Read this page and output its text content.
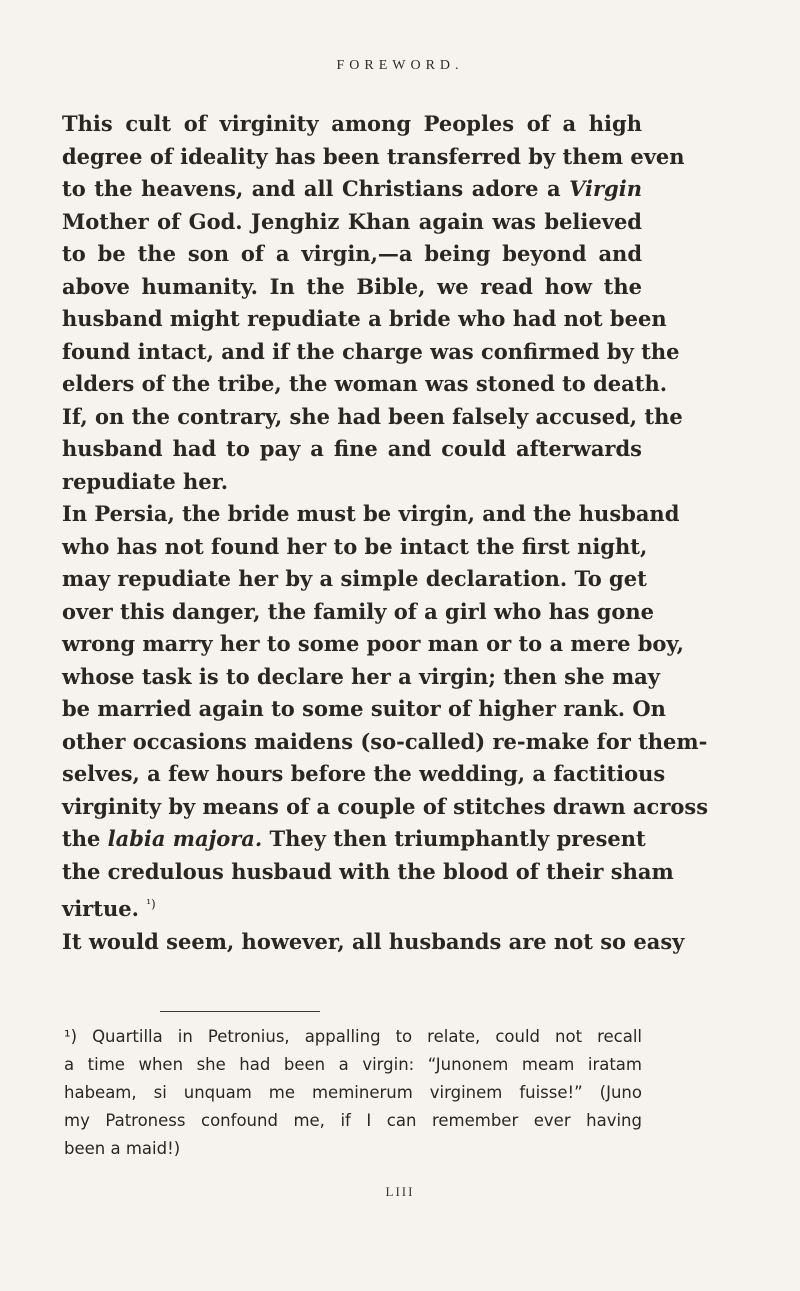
FOREWORD.
This cult of virginity among Peoples of a high
degree of ideality has been transferred by them even
to the heavens, and all Christians adore a Virgin
Mother of God. Jenghiz Khan again was believed
to be the son of a virgin,—a being beyond and
above humanity. In the Bible, we read how the
husband might repudiate a bride who had not been
found intact, and if the charge was confirmed by the
elders of the tribe, the woman was stoned to death.
If, on the contrary, she had been falsely accused, the
husband had to pay a fine and could afterwards
repudiate her.
In Persia, the bride must be virgin, and the husband
who has not found her to be intact the first night,
may repudiate her by a simple declaration. To get
over this danger, the family of a girl who has gone
wrong marry her to some poor man or to a mere boy,
whose task is to declare her a virgin; then she may
be married again to some suitor of higher rank. On
other occasions maidens (so-called) re-make for them-
selves, a few hours before the wedding, a factitious
virginity by means of a couple of stitches drawn across
the labia majora. They then triumphantly present
the credulous husbaud with the blood of their sham
virtue. $^{^1)}$
It would seem, however, all husbands are not so easy
¹) Quartilla in Petronius, appalling to relate, could not recall
a time when she had been a virgin: “Junonem meam iratam
habeam, si unquam me meminerum virginem fuisse!” (Juno
my Patroness confound me, if I can remember ever having
been a maid!)
LIII
